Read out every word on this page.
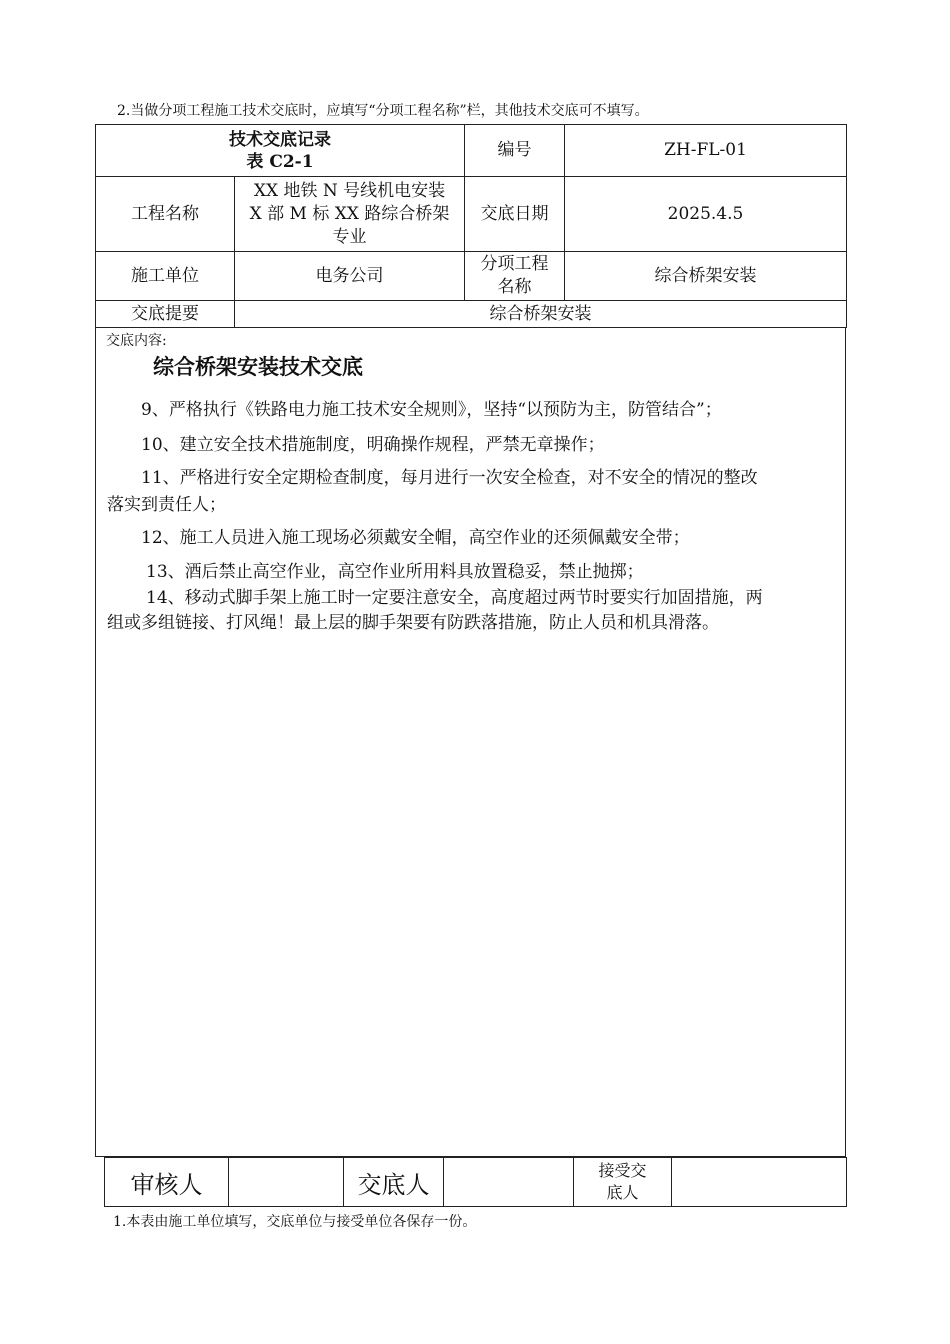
2.当做分项工程施工技术交底时，应填写“分项工程名称”栏，其他技术交底可不填写。
技术交底记录
表 C2-1		编号	ZH-FL-01
工程名称	XX 地铁 N 号线机电安装
X 部 M 标 XX 路综合桥架
专业	交底日期	2025.4.5
施工单位	电务公司	分项工程
名称	综合桥架安装
交底提要	综合桥架安装		
交底内容:
综合桥架安装技术交底
9、严格执行《铁路电力施工技术安全规则》，坚持“以预防为主，防管结合”；
10、建立安全技术措施制度，明确操作规程，严禁无章操作；
11、严格进行安全定期检查制度，每月进行一次安全检查，对不安全的情况的整改
落实到责任人；
12、施工人员进入施工现场必须戴安全帽，高空作业的还须佩戴安全带；
13、酒后禁止高空作业，高空作业所用料具放置稳妥，禁止抛掷；
14、移动式脚手架上施工时一定要注意安全，高度超过两节时要实行加固措施，两
组或多组链接、打风绳！最上层的脚手架要有防跌落措施，防止人员和机具滑落。
审核人		交底人		接受交
底人

1.本表由施工单位填写，交底单位与接受单位各保存一份。
